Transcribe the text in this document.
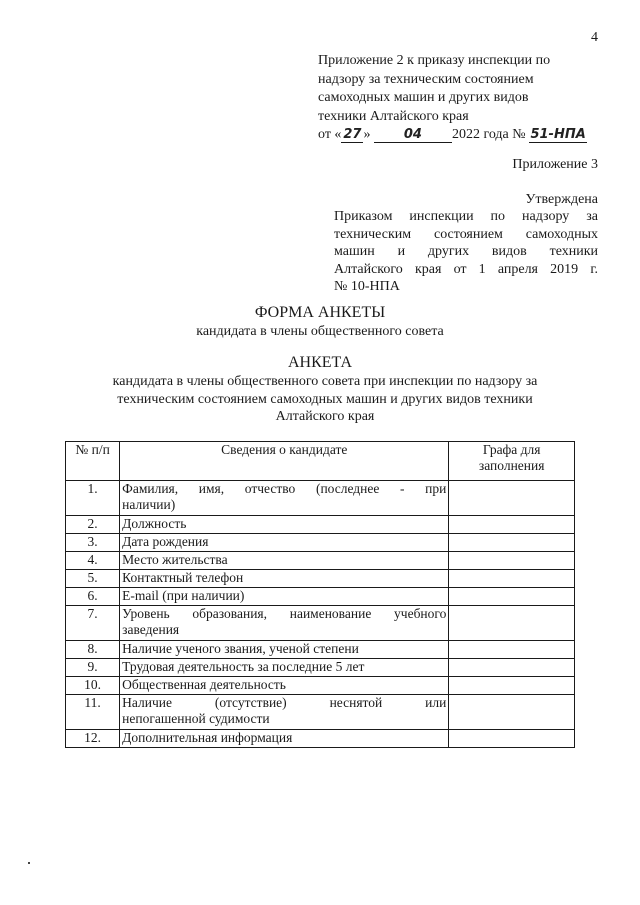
4
Приложение 2 к приказу инспекции по
надзору за техническим состоянием
самоходных машин и других видов
техники Алтайского края
от « 27 »	04 2022 года № 51-НПА
Приложение 3
Утверждена
Приказом инспекции по надзору за
техническим состоянием самоходных
машин и других видов техники
Алтайского края от 1 апреля 2019 г.
№ 10-НПА
ФОРМА АНКЕТЫ
кандидата в члены общественного совета
АНКЕТА
кандидата в члены общественного совета при инспекции по надзору за
техническим состоянием самоходных машин и других видов техники
Алтайского края
№ п/п	Сведения о кандидате	Графа для
заполнения

1.	Фамилия, имя, отчество (последнее - при
наличии)	

2.	Должность	
3.	Дата рождения	
4.	Место жительства	
5.	Контактный телефон	
6.	E-mail (при наличии)	
7.	Уровень образования, наименование учебного
заведения	

8.	Наличие ученого звания, ученой степени	
9.	Трудовая деятельность за последние 5 лет	
10.	Общественная деятельность	
11.	Наличие (отсутствие) неснятой или
непогашенной судимости	

12.	Дополнительная информация	
